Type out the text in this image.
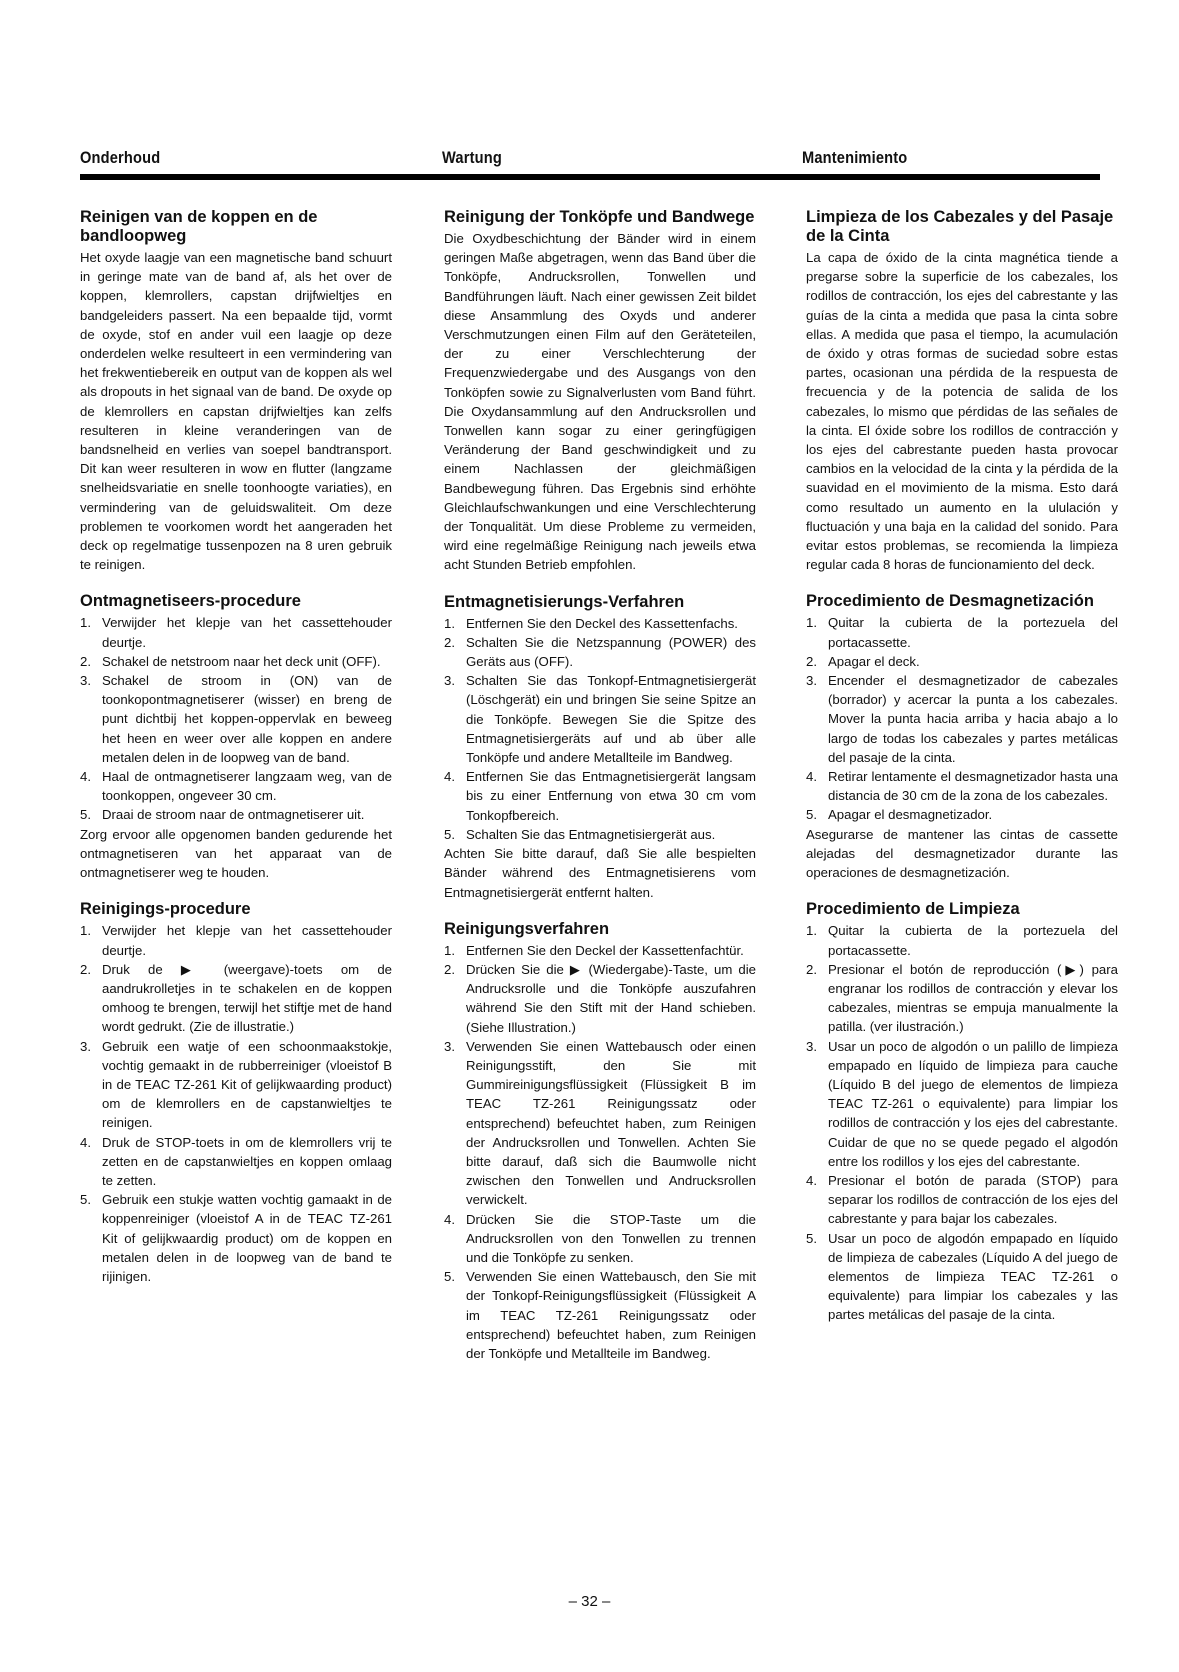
Onderhoud	Wartung	Mantenimiento
Reinigen van de koppen en de bandloopweg

Het oxyde laagje van een magnetische band schuurt in geringe mate van de band af, als het over de koppen, klemrollers, capstan drijfwieltjes en bandgeleiders passert. Na een bepaalde tijd, vormt de oxyde, stof en ander vuil een laagje op deze onderdelen welke resulteert in een vermindering van het frekwentiebereik en output van de koppen als wel als dropouts in het signaal van de band. De oxyde op de klemrollers en capstan drijfwieltjes kan zelfs resulteren in kleine veranderingen van de bandsnelheid en verlies van soepel bandtransport. Dit kan weer resulteren in wow en flutter (langzame snelheidsvariatie en snelle toonhoogte variaties), en vermindering van de geluidswaliteit. Om deze problemen te voorkomen wordt het aangeraden het deck op regelmatige tussenpozen na 8 uren gebruik te reinigen.

Ontmagnetiseers-procedure
1. Verwijder het klepje van het cassettehouder deurtje.
2. Schakel de netstroom naar het deck unit (OFF).
3. Schakel de stroom in (ON) van de toonkopontmagnetiserer (wisser) en breng de punt dichtbij het koppen-oppervlak en beweeg het heen en weer over alle koppen en andere metalen delen in de loopweg van de band.
4. Haal de ontmagnetiserer langzaam weg, van de toonkoppen, ongeveer 30 cm.
5. Draai de stroom naar de ontmagnetiserer uit.

Zorg ervoor alle opgenomen banden gedurende het ontmagnetiseren van het apparaat van de ontmagnetiserer weg te houden.

Reinigings-procedure
1. Verwijder het klepje van het cassettehouder deurtje.
2. Druk de ▶ (weergave)-toets om de aandrukrolletjes in te schakelen en de koppen omhoog te brengen, terwijl het stiftje met de hand wordt gedrukt. (Zie de illustratie.)
3. Gebruik een watje of een schoonmaakstokje, vochtig gemaakt in de rubberreiniger (vloeistof B in de TEAC TZ-261 Kit of gelijkwaarding product) om de klemrollers en de capstanwieltjes te reinigen.
4. Druk de STOP-toets in om de klemrollers vrij te zetten en de capstanwieltjes en koppen omlaag te zetten.
5. Gebruik een stukje watten vochtig gamaakt in de koppenreiniger (vloeistof A in de TEAC TZ-261 Kit of gelijkwaardig product) om de koppen en metalen delen in de loopweg van de band te rijinigen.
Reinigung der Tonköpfe und Bandwege

Die Oxydbeschichtung der Bänder wird in einem geringen Maße abgetragen, wenn das Band über die Tonköpfe, Andrucksrollen, Tonwellen und Bandführungen läuft. Nach einer gewissen Zeit bildet diese Ansammlung des Oxyds und anderer Verschmutzungen einen Film auf den Geräteteilen, der zu einer Verschlechterung der Frequenzwiedergabe und des Ausgangs von den Tonköpfen sowie zu Signalverlusten vom Band führt. Die Oxydansammlung auf den Andrucksrollen und Tonwellen kann sogar zu einer geringfügigen Veränderung der Band geschwindigkeit und zu einem Nachlassen der gleichmäßigen Bandbewegung führen. Das Ergebnis sind erhöhte Gleichlaufschwankungen und eine Verschlechterung der Tonqualität. Um diese Probleme zu vermeiden, wird eine regelmäßige Reinigung nach jeweils etwa acht Stunden Betrieb empfohlen.

Entmagnetisierungs-Verfahren
1. Entfernen Sie den Deckel des Kassettenfachs.
2. Schalten Sie die Netzspannung (POWER) des Geräts aus (OFF).
3. Schalten Sie das Tonkopf-Entmagnetisiergerät (Löschgerät) ein und bringen Sie seine Spitze an die Tonköpfe. Bewegen Sie die Spitze des Entmagnetisiergeräts auf und ab über alle Tonköpfe und andere Metallteile im Bandweg.
4. Entfernen Sie das Entmagnetisiergerät langsam bis zu einer Entfernung von etwa 30 cm vom Tonkopfbereich.
5. Schalten Sie das Entmagnetisiergerät aus.

Achten Sie bitte darauf, daß Sie alle bespielten Bänder während des Entmagnetisierens vom Entmagnetisiergerät entfernt halten.

Reinigungsverfahren
1. Entfernen Sie den Deckel der Kassettenfachtür.
2. Drücken Sie die ▶ (Wiedergabe)-Taste, um die Andrucksrolle und die Tonköpfe auszufahren während Sie den Stift mit der Hand schieben. (Siehe Illustration.)
3. Verwenden Sie einen Wattebausch oder einen Reinigungsstift, den Sie mit Gummireinigungsflüssigkeit (Flüssigkeit B im TEAC TZ-261 Reinigungssatz oder entsprechend) befeuchtet haben, zum Reinigen der Andrucksrollen und Tonwellen. Achten Sie bitte darauf, daß sich die Baumwolle nicht zwischen den Tonwellen und Andrucksrollen verwickelt.
4. Drücken Sie die STOP-Taste um die Andrucksrollen von den Tonwellen zu trennen und die Tonköpfe zu senken.
5. Verwenden Sie einen Wattebausch, den Sie mit der Tonkopf-Reinigungsflüssigkeit (Flüssigkeit A im TEAC TZ-261 Reinigungssatz oder entsprechend) befeuchtet haben, zum Reinigen der Tonköpfe und Metallteile im Bandweg.
Limpieza de los Cabezales y del Pasaje de la Cinta

La capa de óxido de la cinta magnética tiende a pregarse sobre la superficie de los cabezales, los rodillos de contracción, los ejes del cabrestante y las guías de la cinta a medida que pasa la cinta sobre ellas. A medida que pasa el tiempo, la acumulación de óxido y otras formas de suciedad sobre estas partes, ocasionan una pérdida de la respuesta de frecuencia y de la potencia de salida de los cabezales, lo mismo que pérdidas de las señales de la cinta. El óxide sobre los rodillos de contracción y los ejes del cabrestante pueden hasta provocar cambios en la velocidad de la cinta y la pérdida de la suavidad en el movimiento de la misma. Esto dará como resultado un aumento en la ululación y fluctuación y una baja en la calidad del sonido. Para evitar estos problemas, se recomienda la limpieza regular cada 8 horas de funcionamiento del deck.

Procedimiento de Desmagnetización
1. Quitar la cubierta de la portezuela del portacassette.
2. Apagar el deck.
3. Encender el desmagnetizador de cabezales (borrador) y acercar la punta a los cabezales. Mover la punta hacia arriba y hacia abajo a lo largo de todas los cabezales y partes metálicas del pasaje de la cinta.
4. Retirar lentamente el desmagnetizador hasta una distancia de 30 cm de la zona de los cabezales.
5. Apagar el desmagnetizador.

Asegurarse de mantener las cintas de cassette alejadas del desmagnetizador durante las operaciones de desmagnetización.

Procedimiento de Limpieza
1. Quitar la cubierta de la portezuela del portacassette.
2. Presionar el botón de reproducción (▶) para engranar los rodillos de contracción y elevar los cabezales, mientras se empuja manualmente la patilla. (ver ilustración.)
3. Usar un poco de algodón o un palillo de limpieza empapado en líquido de limpieza para cauche (Líquido B del juego de elementos de limpieza TEAC TZ-261 o equivalente) para limpiar los rodillos de contracción y los ejes del cabrestante. Cuidar de que no se quede pegado el algodón entre los rodillos y los ejes del cabrestante.
4. Presionar el botón de parada (STOP) para separar los rodillos de contracción de los ejes del cabrestante y para bajar los cabezales.
5. Usar un poco de algodón empapado en líquido de limpieza de cabezales (Líquido A del juego de elementos de limpieza TEAC TZ-261 o equivalente) para limpiar los cabezales y las partes metálicas del pasaje de la cinta.
– 32 –
